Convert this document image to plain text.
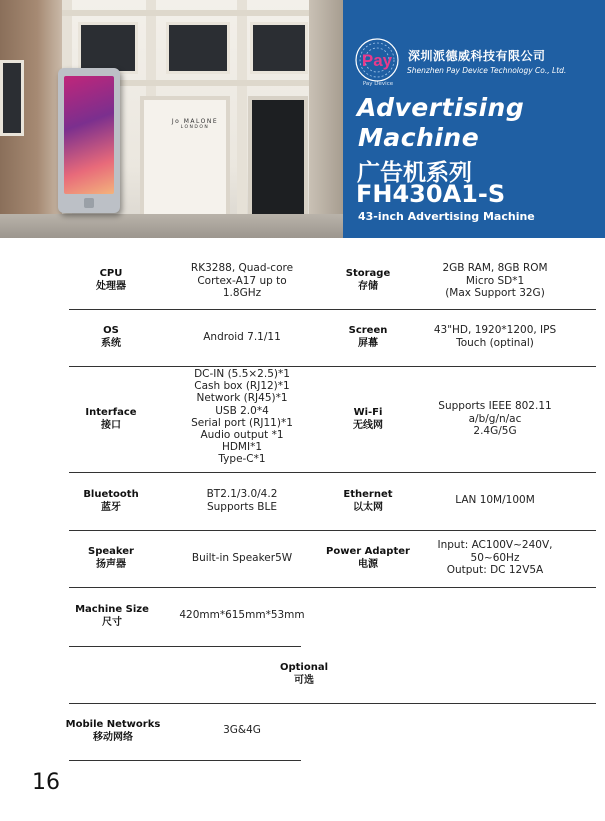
Jo MALONE
LONDON
Pay
Pay Device
深圳派德威科技有限公司
Shenzhen Pay Device Technology Co., Ltd.
Advertising
Machine
广告机系列
FH430A1-S
43-inch Advertising Machine
CPU
处理器
RK3288, Quad-core
Cortex-A17 up to
1.8GHz
Storage
存储
2GB RAM, 8GB ROM
Micro SD*1
(Max Support 32G)
OS
系统
Android 7.1/11
Screen
屏幕
43"HD, 1920*1200, IPS
Touch (optinal)
Interface
接口
DC-IN (5.5×2.5)*1
Cash box (RJ12)*1
Network (RJ45)*1
USB 2.0*4
Serial port (RJ11)*1
Audio output *1
HDMI*1
Type-C*1
Wi-Fi
无线网
Supports IEEE 802.11
a/b/g/n/ac
2.4G/5G
Bluetooth
蓝牙
BT2.1/3.0/4.2
Supports BLE
Ethernet
以太网
LAN 10M/100M
Speaker
扬声器
Built-in Speaker5W
Power Adapter
电源
Input: AC100V~240V,
50~60Hz
Output: DC 12V5A
Machine Size
尺寸
420mm*615mm*53mm
Optional
可选
Mobile Networks
移动网络
3G&4G
16
